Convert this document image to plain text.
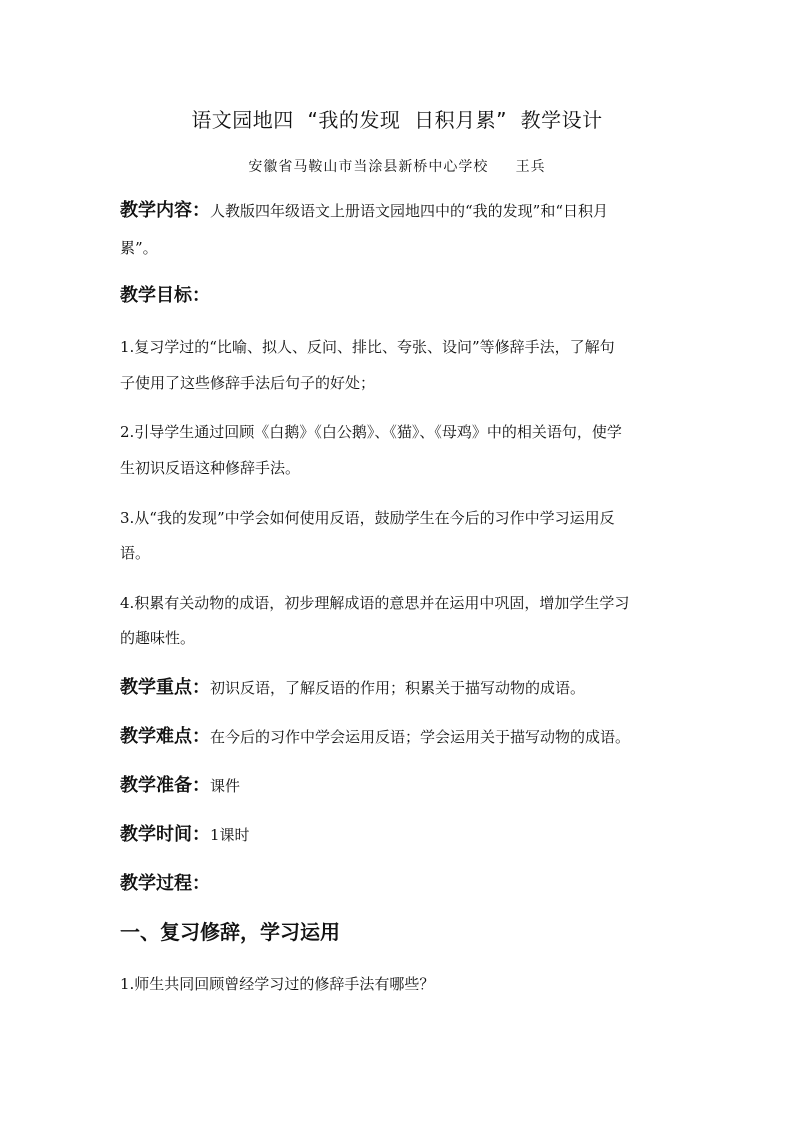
语文园地四  “我的发现  日积月累”  教学设计
安徽省马鞍山市当涂县新桥中心学校     王兵
教学内容：人教版四年级语文上册语文园地四中的“我的发现”和“日积月
累”。
教学目标：
1.复习学过的“比喻、拟人、反问、排比、夸张、设问”等修辞手法，了解句
子使用了这些修辞手法后句子的好处；
2.引导学生通过回顾《白鹅》《白公鹅》、《猫》、《母鸡》中的相关语句，使学
生初识反语这种修辞手法。
3.从“我的发现”中学会如何使用反语，鼓励学生在今后的习作中学习运用反
语。
4.积累有关动物的成语，初步理解成语的意思并在运用中巩固，增加学生学习
的趣味性。
教学重点：初识反语，了解反语的作用；积累关于描写动物的成语。
教学难点：在今后的习作中学会运用反语；学会运用关于描写动物的成语。
教学准备：课件
教学时间：1课时
教学过程：
一、复习修辞，学习运用
1.师生共同回顾曾经学习过的修辞手法有哪些？
